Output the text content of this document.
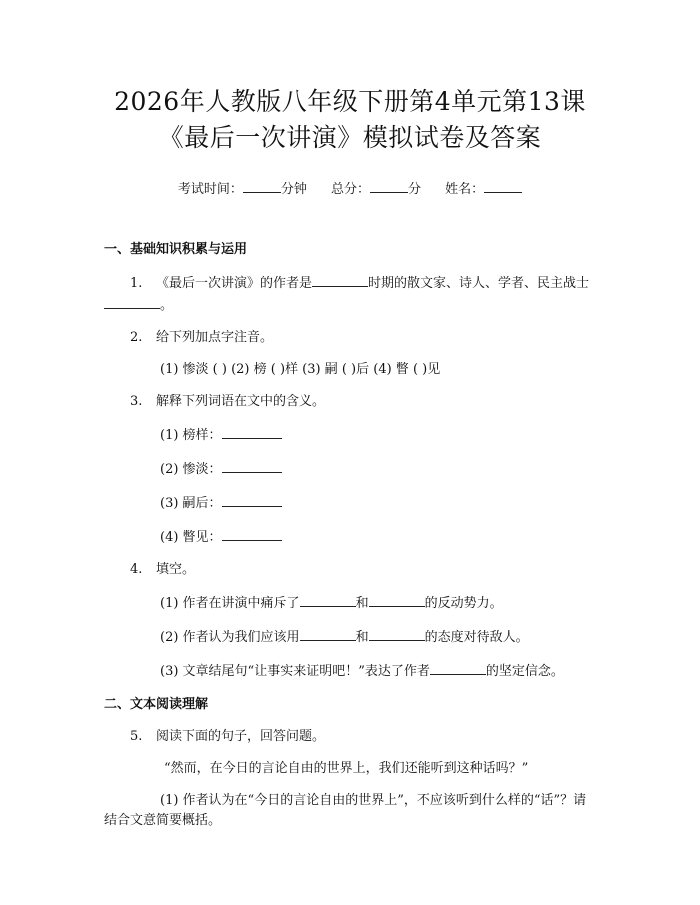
2026年人教版八年级下册第4单元第13课
《最后一次讲演》模拟试卷及答案
考试时间：	分钟 总分：	分 姓名：
一、基础知识积累与运用

1. 《最后一次讲演》的作者是	时期的散文家、诗人、学者、民主战士。

2. 给下列加点字注音。

(1) 惨淡 ( ) (2) 榜 ( )样 (3) 嗣 ( )后 (4) 瞥 ( )见

3. 解释下列词语在文中的含义。

(1) 榜样：

(2) 惨淡：

(3) 嗣后：

(4) 瞥见：

4. 填空。

(1) 作者在讲演中痛斥了	和	的反动势力。

(2) 作者认为我们应该用	和	的态度对待敌人。

(3) 文章结尾句“让事实来证明吧！”表达了作者	的坚定信念。

二、文本阅读理解

5. 阅读下面的句子，回答问题。

“然而，在今日的言论自由的世界上，我们还能听到这种话吗？”

(1) 作者认为在“今日的言论自由的世界上”，不应该听到什么样的“话”？请结合文意简要概括。
